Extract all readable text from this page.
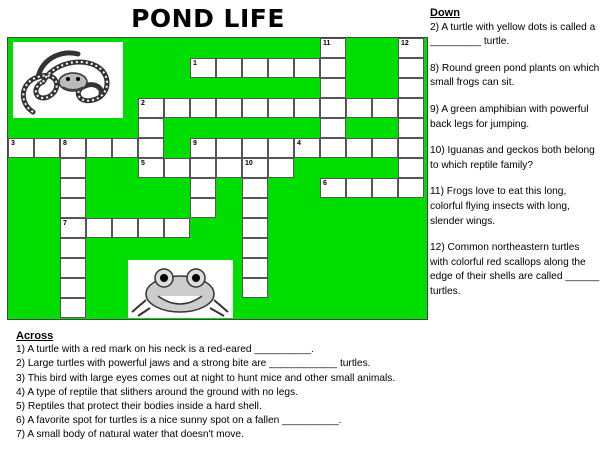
POND LIFE
11	12
1
2
5
3	8	9	4
7
10
6
Down

2) A turtle with yellow dots is called a _________ turtle.

8) Round green pond plants on which small frogs can sit.

9) A green amphibian with powerful back legs for jumping.

10) Iguanas and geckos both belong to which reptile family?

11) Frogs love to eat this long, colorful flying insects with long, slender wings.

12) Common northeastern turtles with colorful red scallops along the edge of their shells are called ______ turtles.

Across

1) A turtle with a red mark on his neck is a red-eared __________.

2) Large turtles with powerful jaws and a strong bite are ____________ turtles.

3) This bird with large eyes comes out at night to hunt mice and other small animals.

4) A type of reptile that slithers around the ground with no legs.

5) Reptiles that protect their bodies inside a hard shell.

6) A favorite spot for turtles is a nice sunny spot on a fallen __________.

7) A small body of natural water that doesn't move.
